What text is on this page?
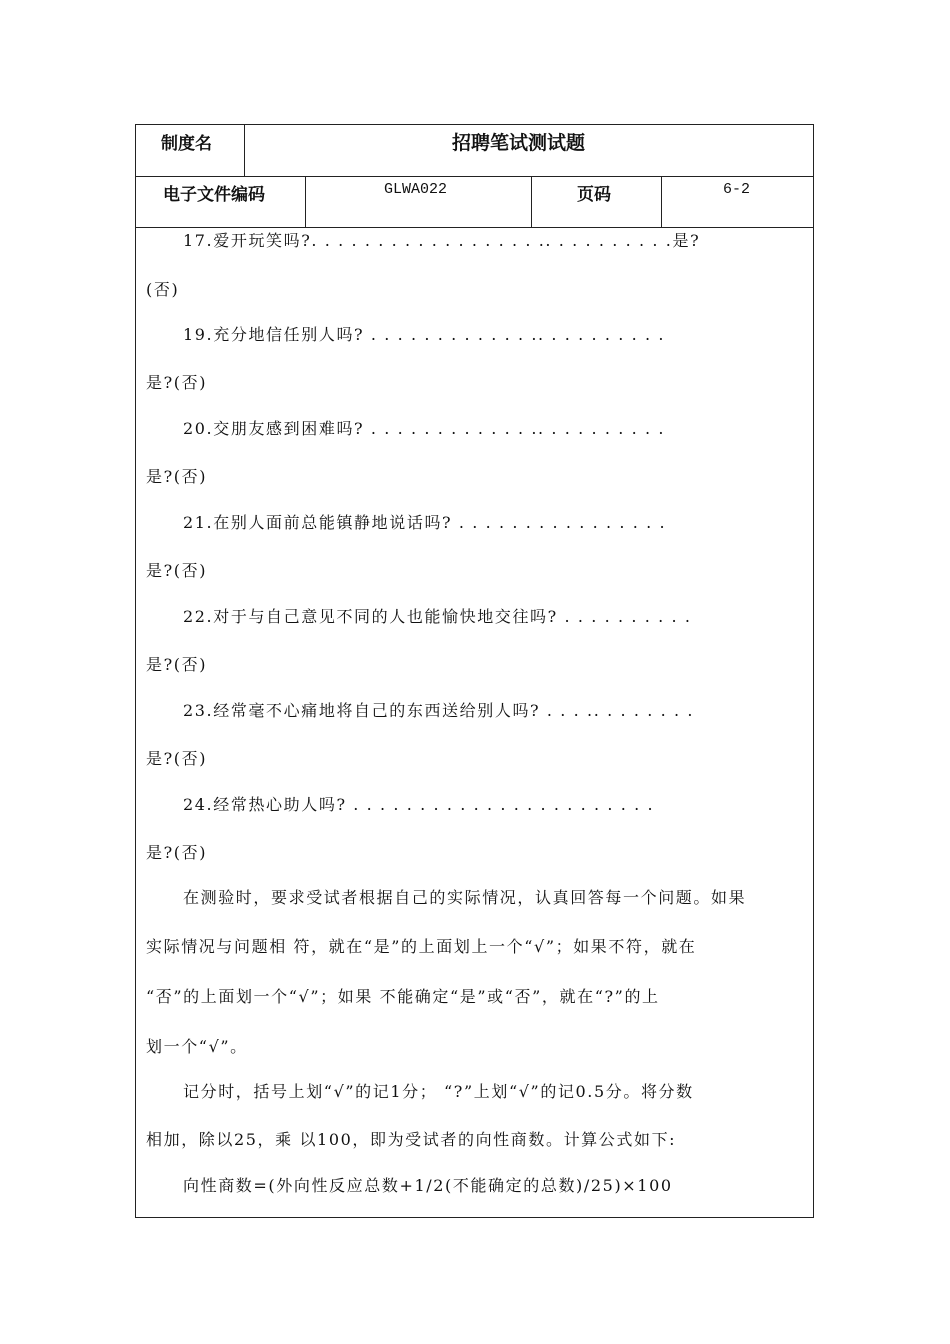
制度名	招聘笔试测试题
电子文件编码	GLWA022	页码	6-2
17.爱开玩笑吗?. . . . . . . . . . . . . . . . . .. . . . . . . . . .是?
(否)
19.充分地信任别人吗? . . . . . . . . . . . . .. . . . . . . . . .
是?(否)
20.交朋友感到困难吗? . . . . . . . . . . . . .. . . . . . . . . .
是?(否)
21.在别人面前总能镇静地说话吗? . . . . . . . . . . . . . . . .
是?(否)
22.对于与自己意见不同的人也能愉快地交往吗? . . . . . . . . . .
是?(否)
23.经常毫不心痛地将自己的东西送给别人吗? . . . .. . . . . . . .
是?(否)
24.经常热心助人吗? . . . . . . . . . . . . . . . . . . . . . . .
是?(否)
在测验时，要求受试者根据自己的实际情况，认真回答每一个问题。如果
实际情况与问题相 符，就在“是”的上面划上一个“√”；如果不符，就在
“否”的上面划一个“√”；如果 不能确定“是”或“否”，就在“?”的上
划一个“√”。
记分时，括号上划“√”的记1分； “?”上划“√”的记0.5分。将分数
相加，除以25，乘 以100，即为受试者的向性商数。计算公式如下:
向性商数=(外向性反应总数+1/2(不能确定的总数)/25)×100
